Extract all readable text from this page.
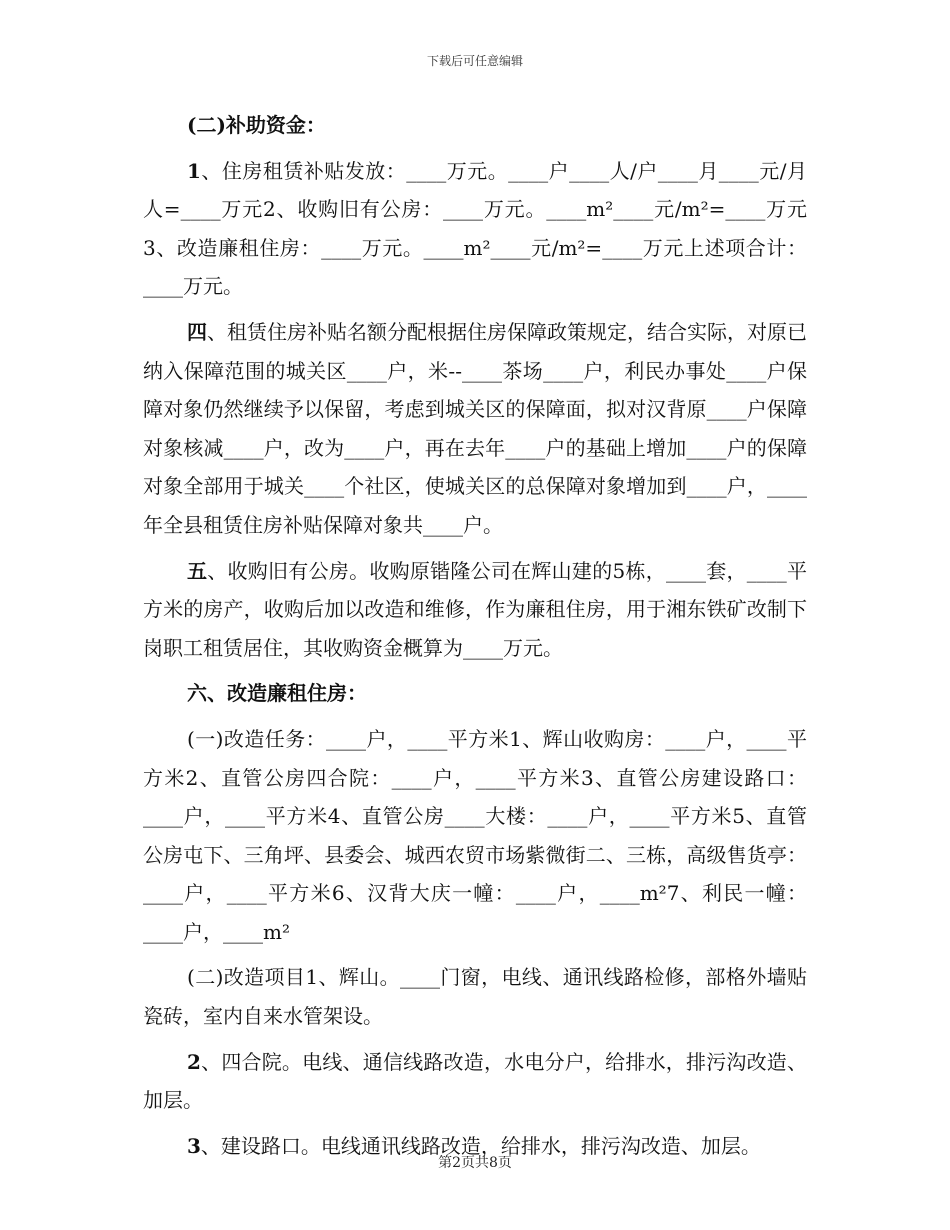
下载后可任意编辑

(二)补助资金：

1、住房租赁补贴发放：____万元。____户____人/户____月____元/月人=____万元2、收购旧有公房：____万元。____m²____元/m²=____万元3、改造廉租住房：____万元。____m²____元/m²=____万元上述项合计：____万元。

四、租赁住房补贴名额分配根据住房保障政策规定，结合实际，对原已纳入保障范围的城关区____户，米--____茶场____户，利民办事处____户保障对象仍然继续予以保留，考虑到城关区的保障面，拟对汉背原____户保障对象核减____户，改为____户，再在去年____户的基础上增加____户的保障对象全部用于城关____个社区，使城关区的总保障对象增加到____户，____年全县租赁住房补贴保障对象共____户。

五、收购旧有公房。收购原锴隆公司在辉山建的5栋，____套，____平方米的房产，收购后加以改造和维修，作为廉租住房，用于湘东铁矿改制下岗职工租赁居住，其收购资金概算为____万元。

六、改造廉租住房：

(一)改造任务：____户，____平方米1、辉山收购房：____户，____平方米2、直管公房四合院：____户，____平方米3、直管公房建设路口：____户，____平方米4、直管公房____大楼：____户，____平方米5、直管公房屯下、三角坪、县委会、城西农贸市场紫微街二、三栋，高级售货亭：____户，____平方米6、汉背大庆一幢：____户，____m²7、利民一幢：____户，____m²

(二)改造项目1、辉山。____门窗，电线、通讯线路检修，部格外墙贴瓷砖，室内自来水管架设。

2、四合院。电线、通信线路改造，水电分户，给排水，排污沟改造、加层。

3、建设路口。电线通讯线路改造，给排水，排污沟改造、加层。

第2页共8页
